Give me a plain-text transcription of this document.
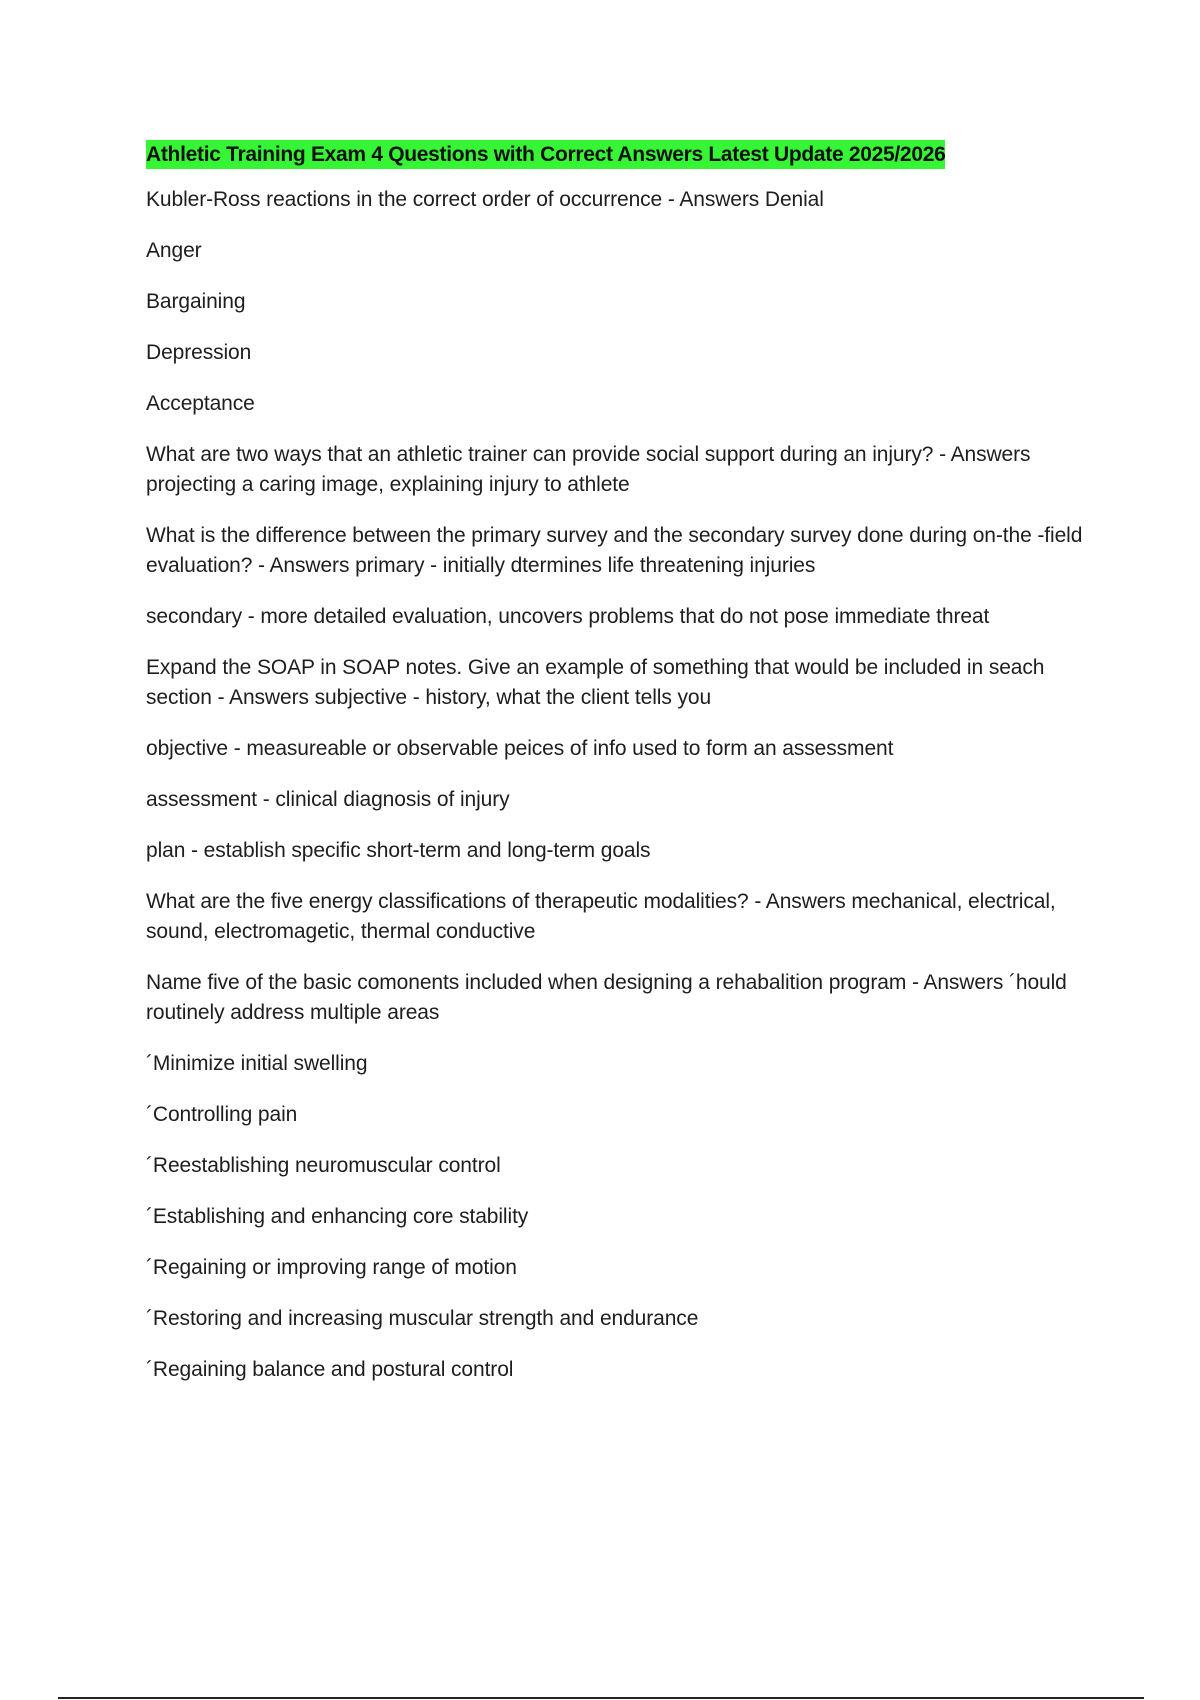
Athletic Training Exam 4 Questions with Correct Answers Latest Update 2025/2026

Kubler-Ross reactions in the correct order of occurrence - Answers Denial

Anger

Bargaining

Depression

Acceptance

What are two ways that an athletic trainer can provide social support during an injury? - Answers projecting a caring image, explaining injury to athlete

What is the difference between the primary survey and the secondary survey done during on-the -field evaluation? - Answers primary - initially dtermines life threatening injuries

secondary - more detailed evaluation, uncovers problems that do not pose immediate threat

Expand the SOAP in SOAP notes. Give an example of something that would be included in seach section - Answers subjective - history, what the client tells you

objective - measureable or observable peices of info used to form an assessment

assessment - clinical diagnosis of injury

plan - establish specific short-term and long-term goals

What are the five energy classifications of therapeutic modalities? - Answers mechanical, electrical, sound, electromagetic, thermal conductive

Name five of the basic comonents included when designing a rehabalition program - Answers ´hould routinely address multiple areas

´Minimize initial swelling

´Controlling pain

´Reestablishing neuromuscular control

´Establishing and enhancing core stability

´Regaining or improving range of motion

´Restoring and increasing muscular strength and endurance

´Regaining balance and postural control
